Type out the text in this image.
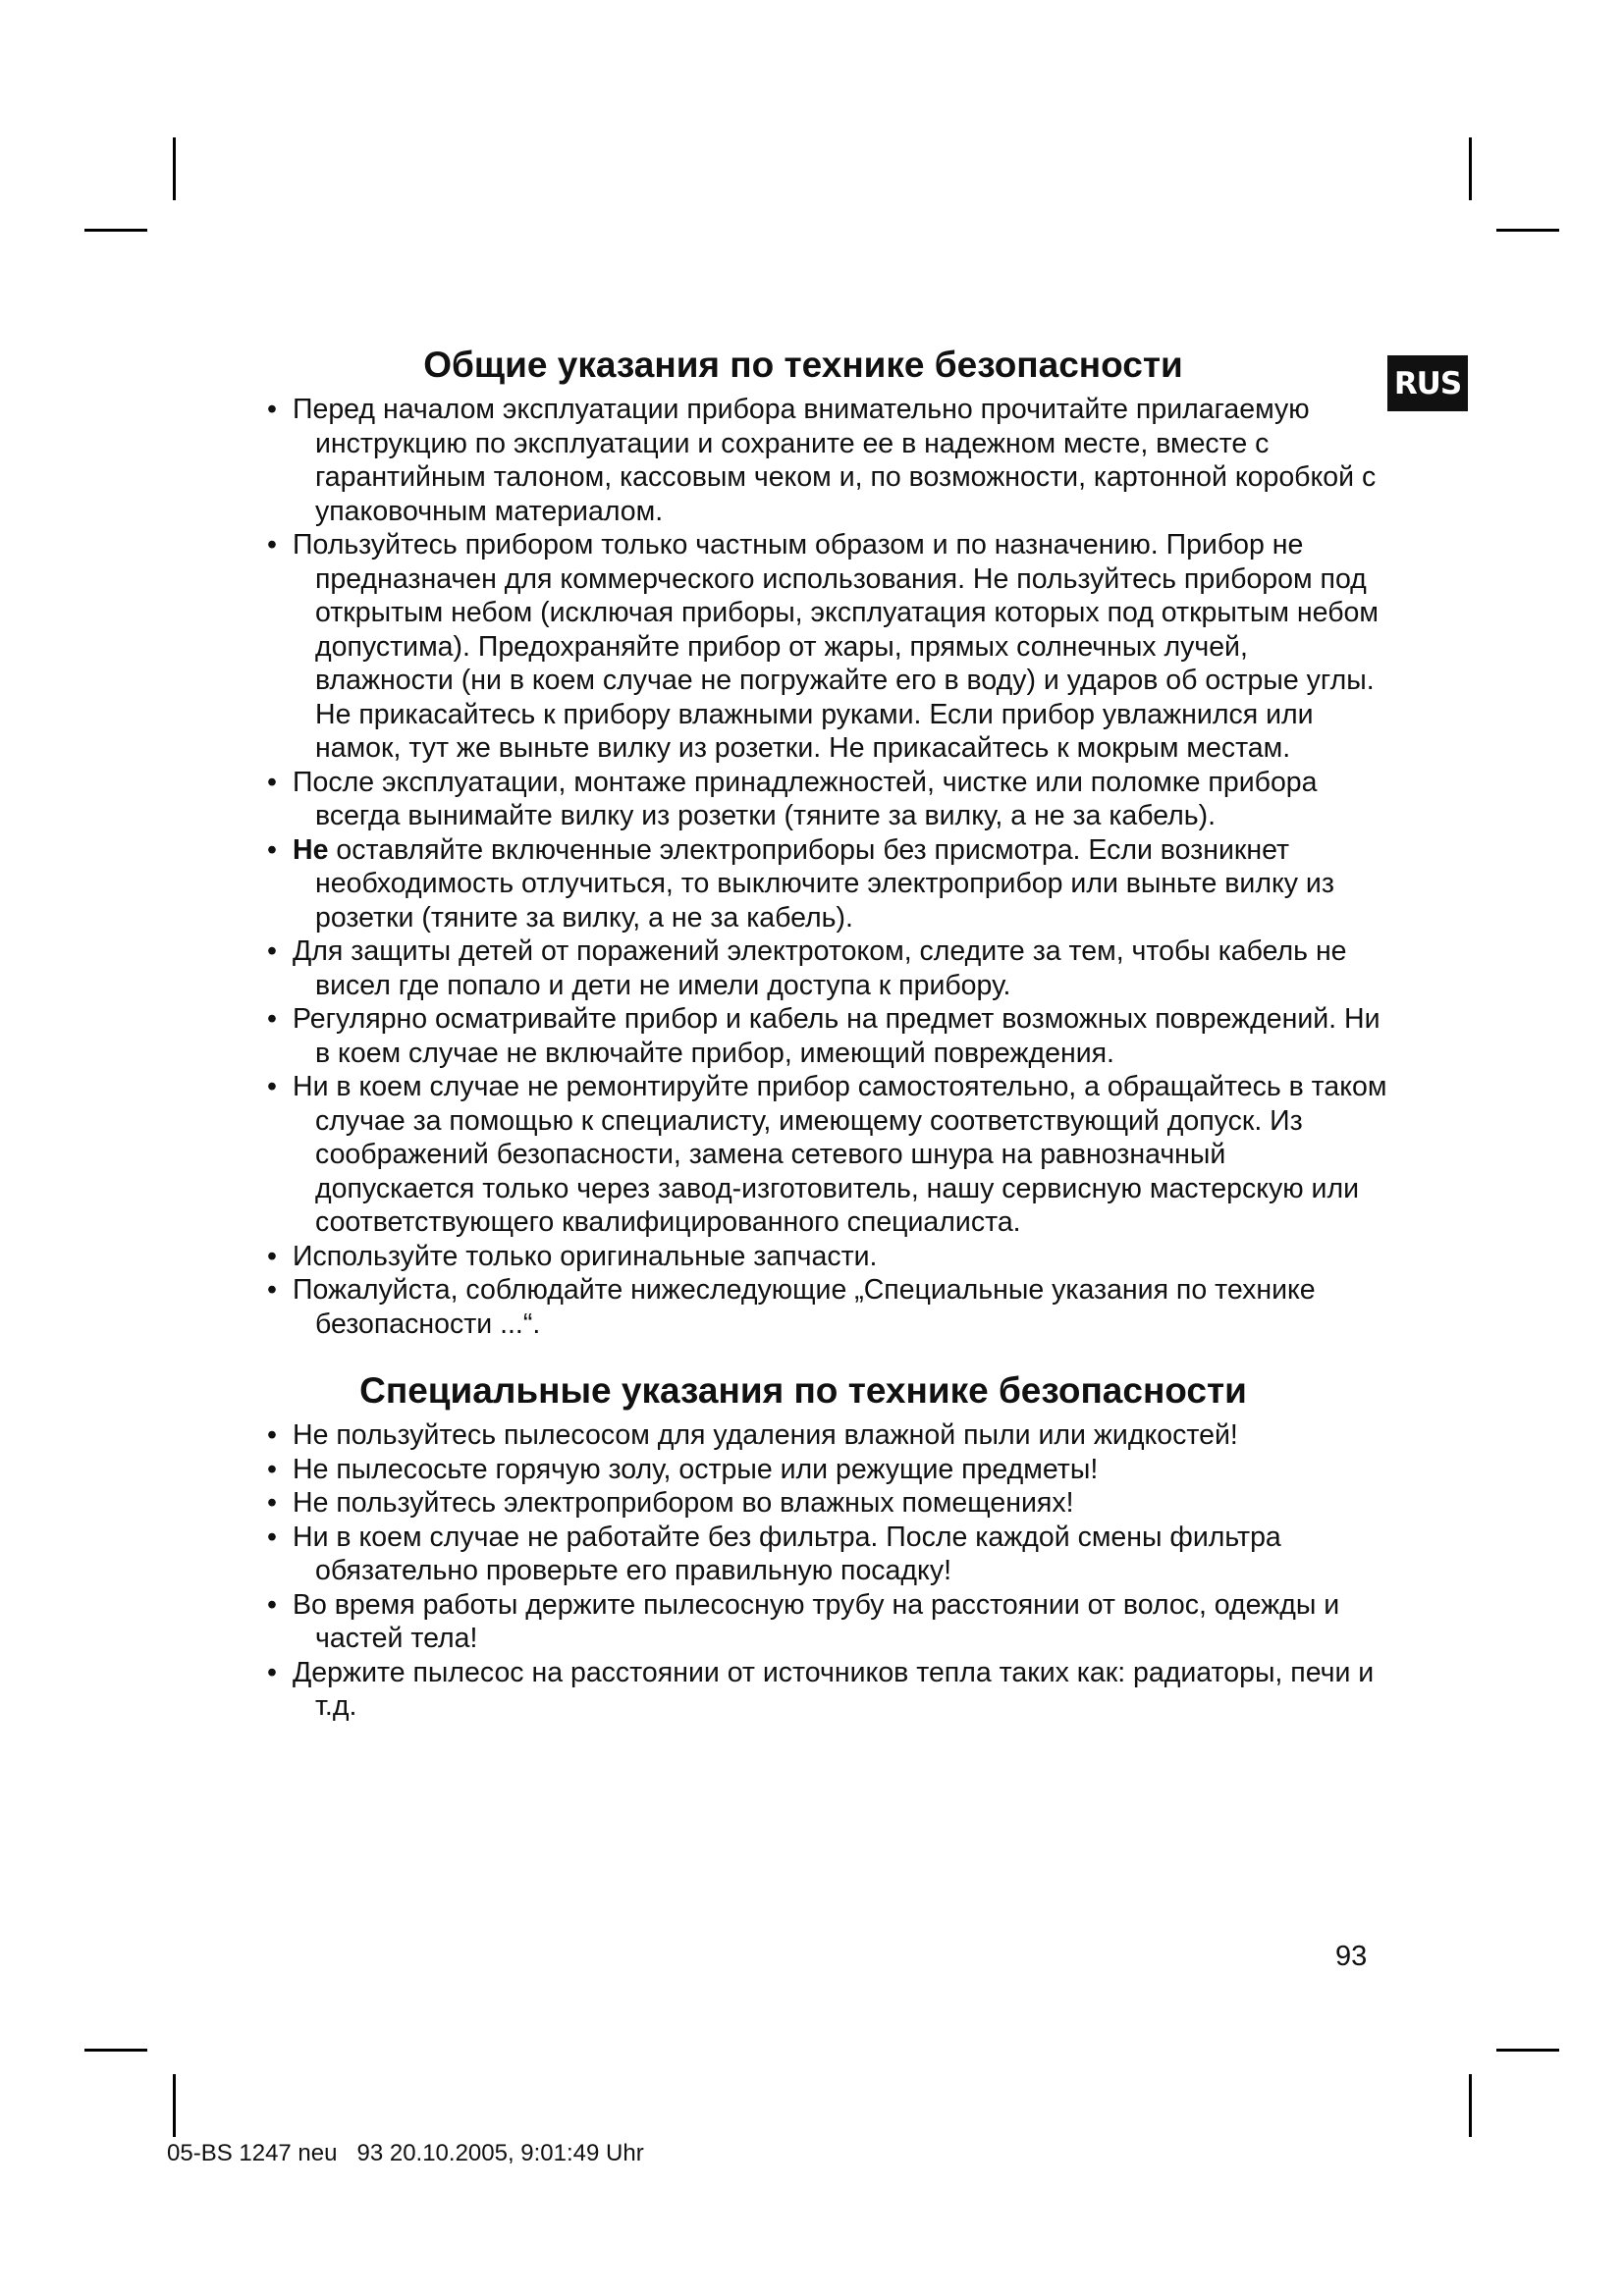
RUS
Общие указания по технике безопасности
• Перед началом эксплуатации прибора внимательно прочитайте прилагаемую инструкцию по эксплуатации и сохраните ее в надежном месте, вместе с гарантийным талоном, кассовым чеком и, по возможности, картонной коробкой с упаковочным материалом.
• Пользуйтесь прибором только частным образом и по назначению. Прибор не предназначен для коммерческого использования. Не пользуйтесь прибором под открытым небом (исключая приборы, эксплуатация которых под открытым небом допустима). Предохраняйте прибор от жары, прямых солнечных лучей, влажности (ни в коем случае не погружайте его в воду) и ударов об острые углы. Не прикасайтесь к прибору влажными руками. Если прибор увлажнился или намок, тут же выньте вилку из розетки. Не прикасайтесь к мокрым местам.
• После эксплуатации, монтаже принадлежностей, чистке или поломке прибора всегда вынимайте вилку из розетки (тяните за вилку, а не за кабель).
• Не оставляйте включенные электроприборы без присмотра. Если возникнет необходимость отлучиться, то выключите электроприбор или выньте вилку из розетки (тяните за вилку, а не за кабель).
• Для защиты детей от поражений электротоком, следите за тем, чтобы кабель не висел где попало и дети не имели доступа к прибору.
• Регулярно осматривайте прибор и кабель на предмет возможных повреждений. Ни в коем случае не включайте прибор, имеющий повреждения.
• Ни в коем случае не ремонтируйте прибор самостоятельно, а обращайтесь в таком случае за помощью к специалисту, имеющему соответствующий допуск. Из соображений безопасности, замена сетевого шнура на равнозначный допускается только через завод-изготовитель, нашу сервисную мастерскую или соответствующего квалифицированного специалиста.
• Используйте только оригинальные запчасти.
• Пожалуйста, соблюдайте нижеследующие „Специальные указания по технике безопасности ...“.
Специальные указания по технике безопасности
• Не пользуйтесь пылесосом для удаления влажной пыли или жидкостей!
• Не пылесосьте горячую золу, острые или режущие предметы!
• Не пользуйтесь электроприбором во влажных помещениях!
• Ни в коем случае не работайте без фильтра. После каждой смены фильтра обязательно проверьте его правильную посадку!
• Во время работы держите пылесосную трубу на расстоянии от волос, одежды и частей тела!
• Держите пылесос на расстоянии от источников тепла таких как: радиаторы, печи и т.д.
93
05-BS 1247 neu   93 20.10.2005, 9:01:49 Uhr
